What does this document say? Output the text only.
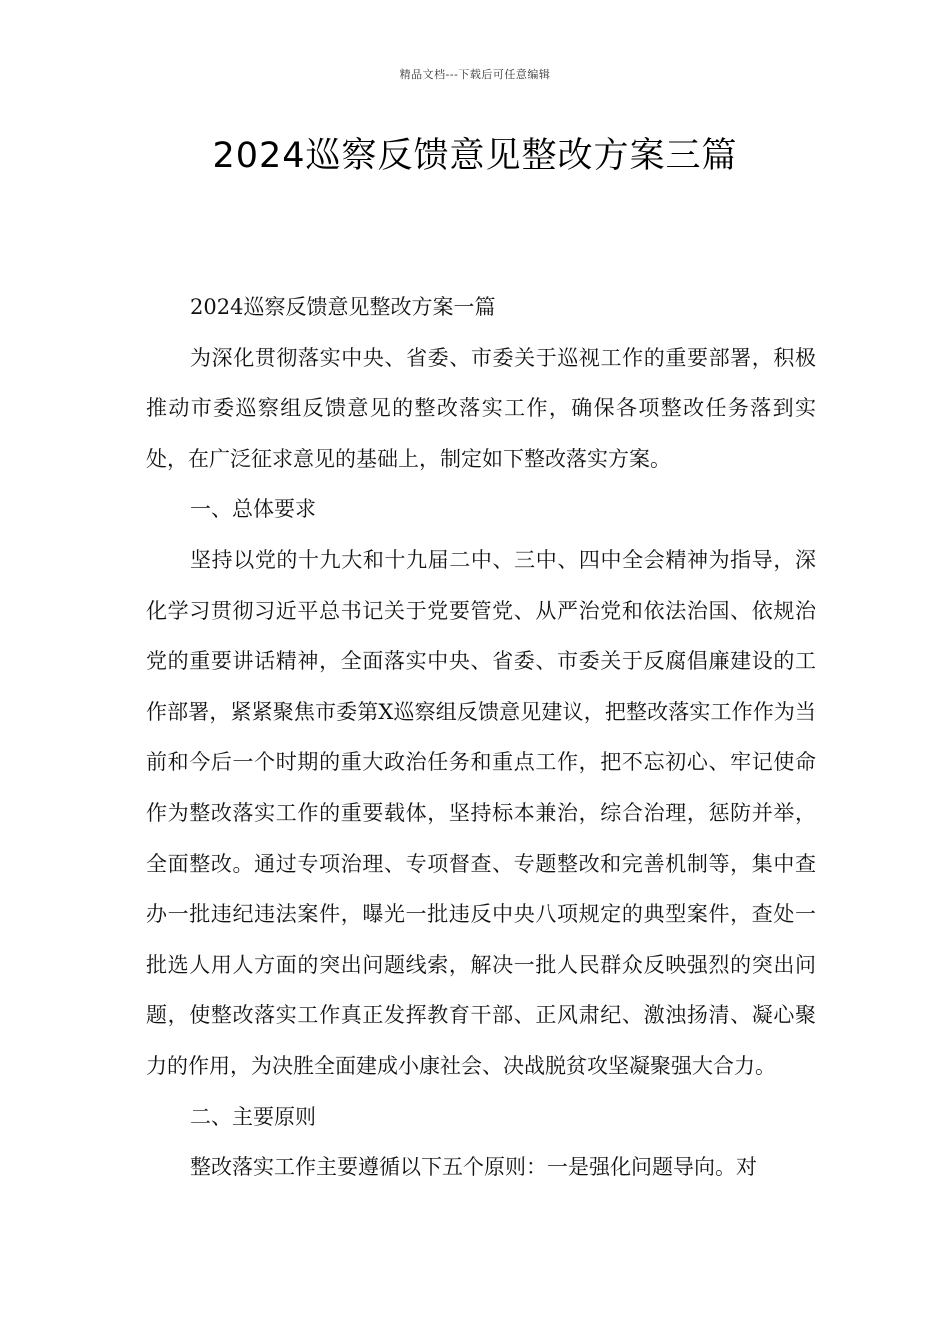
精品文档---下载后可任意编辑
2024巡察反馈意见整改方案三篇

2024巡察反馈意见整改方案一篇

为深化贯彻落实中央、省委、市委关于巡视工作的重要部署，积极推动市委巡察组反馈意见的整改落实工作，确保各项整改任务落到实处，在广泛征求意见的基础上，制定如下整改落实方案。

一、总体要求

坚持以党的十九大和十九届二中、三中、四中全会精神为指导，深化学习贯彻习近平总书记关于党要管党、从严治党和依法治国、依规治党的重要讲话精神，全面落实中央、省委、市委关于反腐倡廉建设的工作部署，紧紧聚焦市委第X巡察组反馈意见建议，把整改落实工作作为当前和今后一个时期的重大政治任务和重点工作，把不忘初心、牢记使命作为整改落实工作的重要载体，坚持标本兼治，综合治理，惩防并举，全面整改。通过专项治理、专项督查、专题整改和完善机制等，集中查办一批违纪违法案件，曝光一批违反中央八项规定的典型案件，查处一批选人用人方面的突出问题线索，解决一批人民群众反映强烈的突出问题，使整改落实工作真正发挥教育干部、正风肃纪、激浊扬清、凝心聚力的作用，为决胜全面建成小康社会、决战脱贫攻坚凝聚强大合力。

二、主要原则

整改落实工作主要遵循以下五个原则：一是强化问题导向。对
